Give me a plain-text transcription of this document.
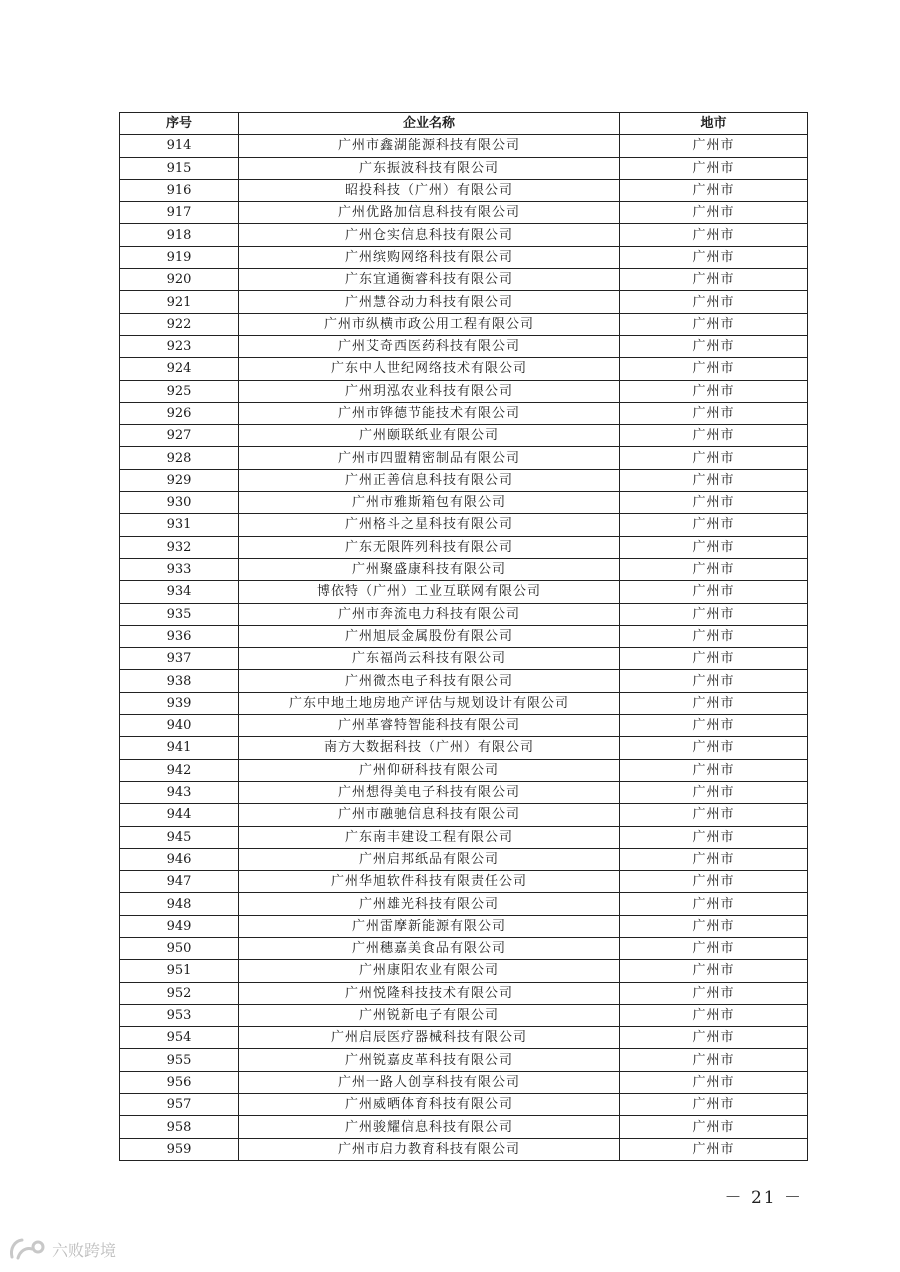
序号	企业名称	地市
914	广州市鑫湖能源科技有限公司	广州市
915	广东振波科技有限公司	广州市
916	昭投科技（广州）有限公司	广州市
917	广州优路加信息科技有限公司	广州市
918	广州仓实信息科技有限公司	广州市
919	广州缤购网络科技有限公司	广州市
920	广东宜通衡睿科技有限公司	广州市
921	广州慧谷动力科技有限公司	广州市
922	广州市纵横市政公用工程有限公司	广州市
923	广州艾奇西医药科技有限公司	广州市
924	广东中人世纪网络技术有限公司	广州市
925	广州玥泓农业科技有限公司	广州市
926	广州市铧德节能技术有限公司	广州市
927	广州颐联纸业有限公司	广州市
928	广州市四盟精密制品有限公司	广州市
929	广州正善信息科技有限公司	广州市
930	广州市雅斯箱包有限公司	广州市
931	广州格斗之星科技有限公司	广州市
932	广东无限阵列科技有限公司	广州市
933	广州聚盛康科技有限公司	广州市
934	博依特（广州）工业互联网有限公司	广州市
935	广州市奔流电力科技有限公司	广州市
936	广州旭辰金属股份有限公司	广州市
937	广东福尚云科技有限公司	广州市
938	广州微杰电子科技有限公司	广州市
939	广东中地土地房地产评估与规划设计有限公司	广州市
940	广州革睿特智能科技有限公司	广州市
941	南方大数据科技（广州）有限公司	广州市
942	广州仰研科技有限公司	广州市
943	广州想得美电子科技有限公司	广州市
944	广州市融驰信息科技有限公司	广州市
945	广东南丰建设工程有限公司	广州市
946	广州启邦纸品有限公司	广州市
947	广州华旭软件科技有限责任公司	广州市
948	广州雄光科技有限公司	广州市
949	广州雷摩新能源有限公司	广州市
950	广州穗嘉美食品有限公司	广州市
951	广州康阳农业有限公司	广州市
952	广州悦隆科技技术有限公司	广州市
953	广州锐新电子有限公司	广州市
954	广州启辰医疗器械科技有限公司	广州市
955	广州锐嘉皮革科技有限公司	广州市
956	广州一路人创享科技有限公司	广州市
957	广州威晒体育科技有限公司	广州市
958	广州骏耀信息科技有限公司	广州市
959	广州市启力教育科技有限公司	广州市
－ 21 －
六败跨境
